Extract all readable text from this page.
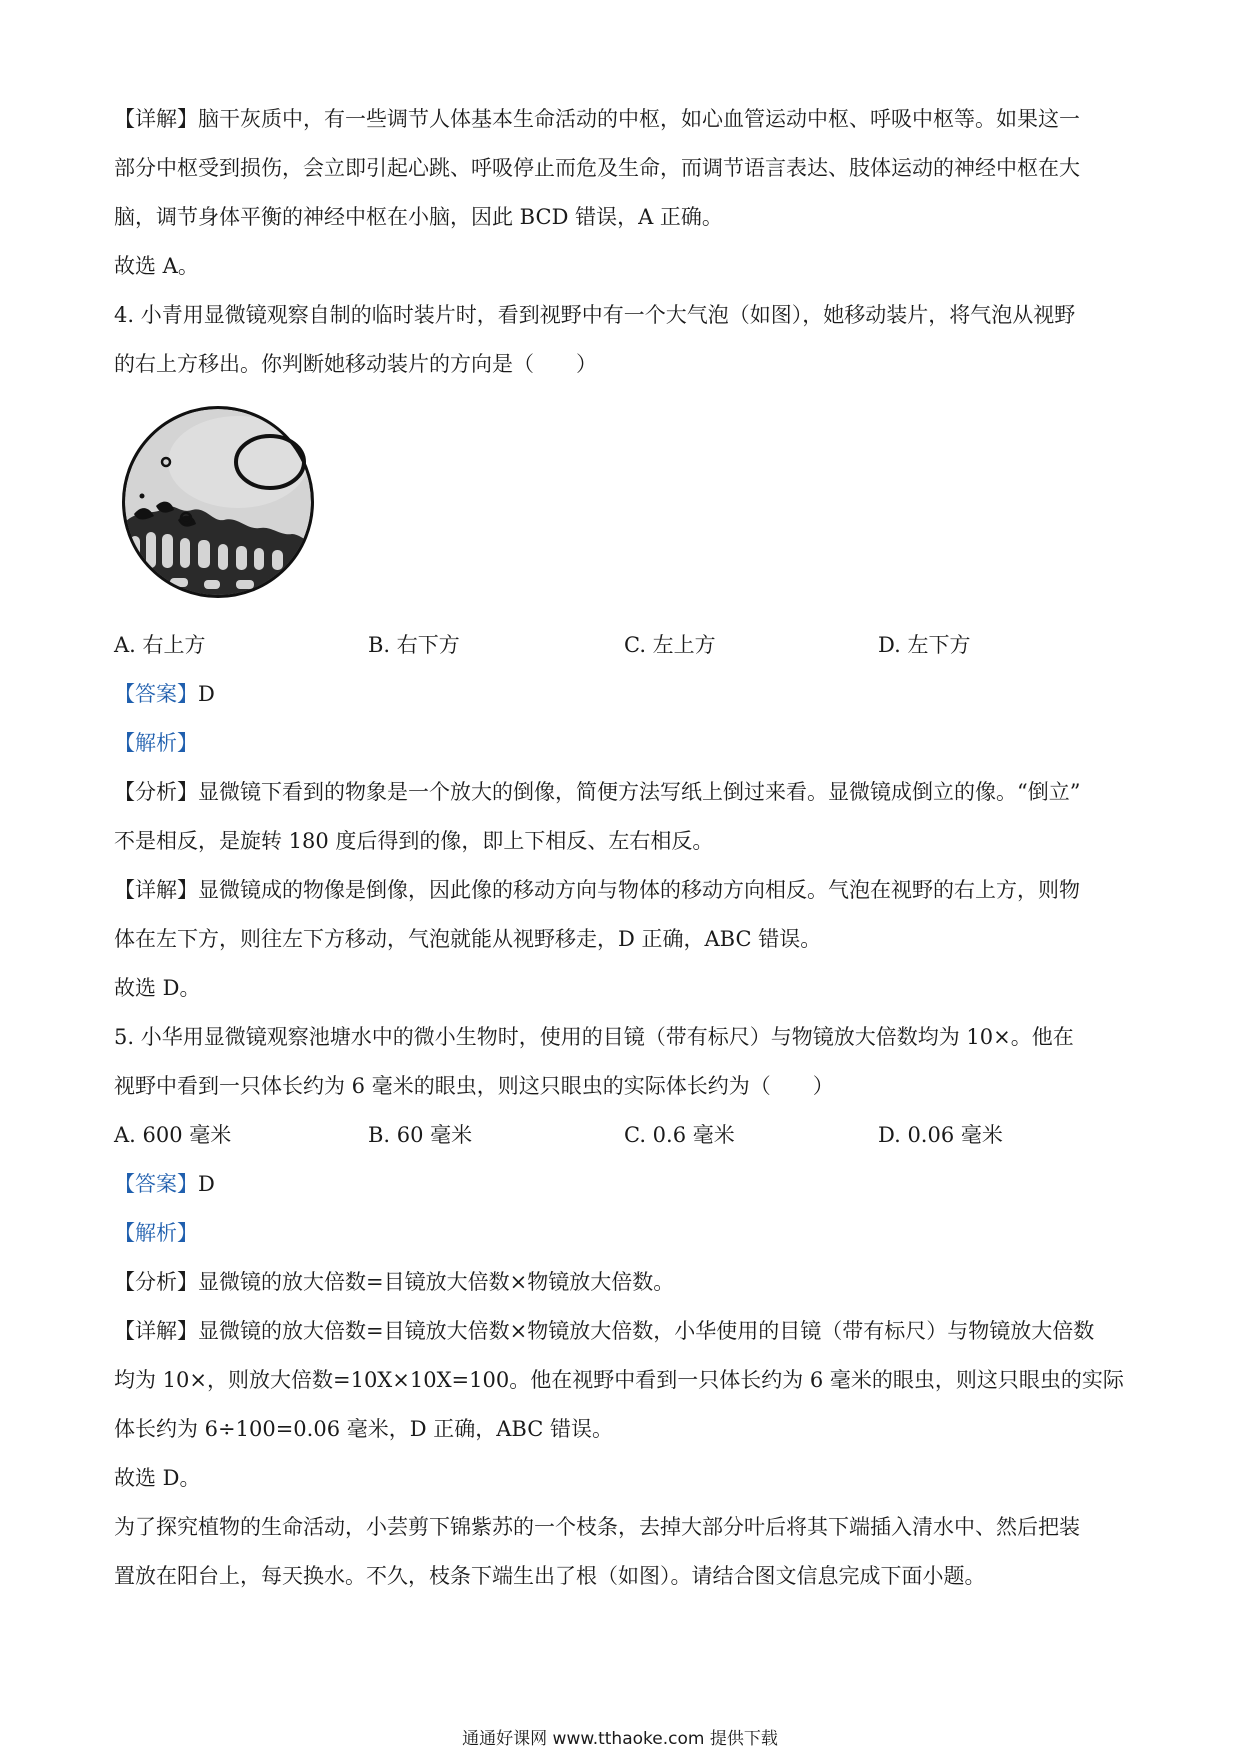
【详解】脑干灰质中，有一些调节人体基本生命活动的中枢，如心血管运动中枢、呼吸中枢等。如果这一

部分中枢受到损伤，会立即引起心跳、呼吸停止而危及生命，而调节语言表达、肢体运动的神经中枢在大

脑，调节身体平衡的神经中枢在小脑，因此 BCD 错误，A 正确。

故选 A。

4. 小青用显微镜观察自制的临时装片时，看到视野中有一个大气泡（如图），她移动装片，将气泡从视野

的右上方移出。你判断她移动装片的方向是（　　）

A. 右上方	B. 右下方	C. 左上方	D. 左下方

【答案】D

【解析】

【分析】显微镜下看到的物象是一个放大的倒像，简便方法写纸上倒过来看。显微镜成倒立的像。“倒立”

不是相反，是旋转 180 度后得到的像，即上下相反、左右相反。

【详解】显微镜成的物像是倒像，因此像的移动方向与物体的移动方向相反。气泡在视野的右上方，则物

体在左下方，则往左下方移动，气泡就能从视野移走，D 正确，ABC 错误。

故选 D。

5. 小华用显微镜观察池塘水中的微小生物时，使用的目镜（带有标尺）与物镜放大倍数均为 10×。他在

视野中看到一只体长约为 6 毫米的眼虫，则这只眼虫的实际体长约为（　　）

A. 600 毫米	B. 60 毫米	C. 0.6 毫米	D. 0.06 毫米

【答案】D

【解析】

【分析】显微镜的放大倍数=目镜放大倍数×物镜放大倍数。

【详解】显微镜的放大倍数=目镜放大倍数×物镜放大倍数，小华使用的目镜（带有标尺）与物镜放大倍数

均为 10×，则放大倍数=10X×10X=100。他在视野中看到一只体长约为 6 毫米的眼虫，则这只眼虫的实际

体长约为 6÷100=0.06 毫米，D 正确，ABC 错误。

故选 D。

为了探究植物的生命活动，小芸剪下锦紫苏的一个枝条，去掉大部分叶后将其下端插入清水中、然后把装

置放在阳台上，每天换水。不久，枝条下端生出了根（如图）。请结合图文信息完成下面小题。

通通好课网 www.tthaoke.com 提供下载
